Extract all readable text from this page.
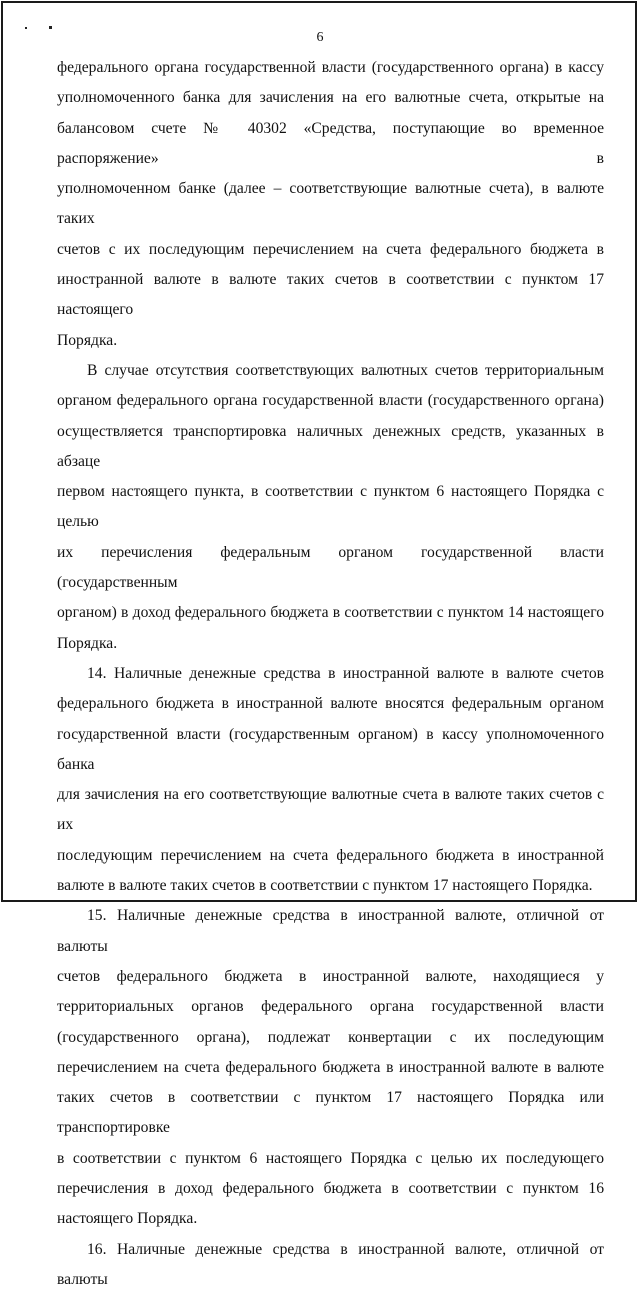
6

федерального органа государственной власти (государственного органа) в кассу
уполномоченного банка для зачисления на его валютные счета, открытые на
балансовом счете № 40302 «Средства, поступающие во временное распоряжение» в
уполномоченном банке (далее – соответствующие валютные счета), в валюте таких
счетов с их последующим перечислением на счета федерального бюджета в
иностранной валюте в валюте таких счетов в соответствии с пунктом 17 настоящего
Порядка.

В случае отсутствия соответствующих валютных счетов территориальным
органом федерального органа государственной власти (государственного органа)
осуществляется транспортировка наличных денежных средств, указанных в абзаце
первом настоящего пункта, в соответствии с пунктом 6 настоящего Порядка с целью
их перечисления федеральным органом государственной власти (государственным
органом) в доход федерального бюджета в соответствии с пунктом 14 настоящего
Порядка.

14. Наличные денежные средства в иностранной валюте в валюте счетов
федерального бюджета в иностранной валюте вносятся федеральным органом
государственной власти (государственным органом) в кассу уполномоченного банка
для зачисления на его соответствующие валютные счета в валюте таких счетов с их
последующим перечислением на счета федерального бюджета в иностранной
валюте в валюте таких счетов в соответствии с пунктом 17 настоящего Порядка.

15. Наличные денежные средства в иностранной валюте, отличной от валюты
счетов федерального бюджета в иностранной валюте, находящиеся у
территориальных органов федерального органа государственной власти
(государственного органа), подлежат конвертации с их последующим
перечислением на счета федерального бюджета в иностранной валюте в валюте
таких счетов в соответствии с пунктом 17 настоящего Порядка или транспортировке
в соответствии с пунктом 6 настоящего Порядка с целью их последующего
перечисления в доход федерального бюджета в соответствии с пунктом 16
настоящего Порядка.

16. Наличные денежные средства в иностранной валюте, отличной от валюты
